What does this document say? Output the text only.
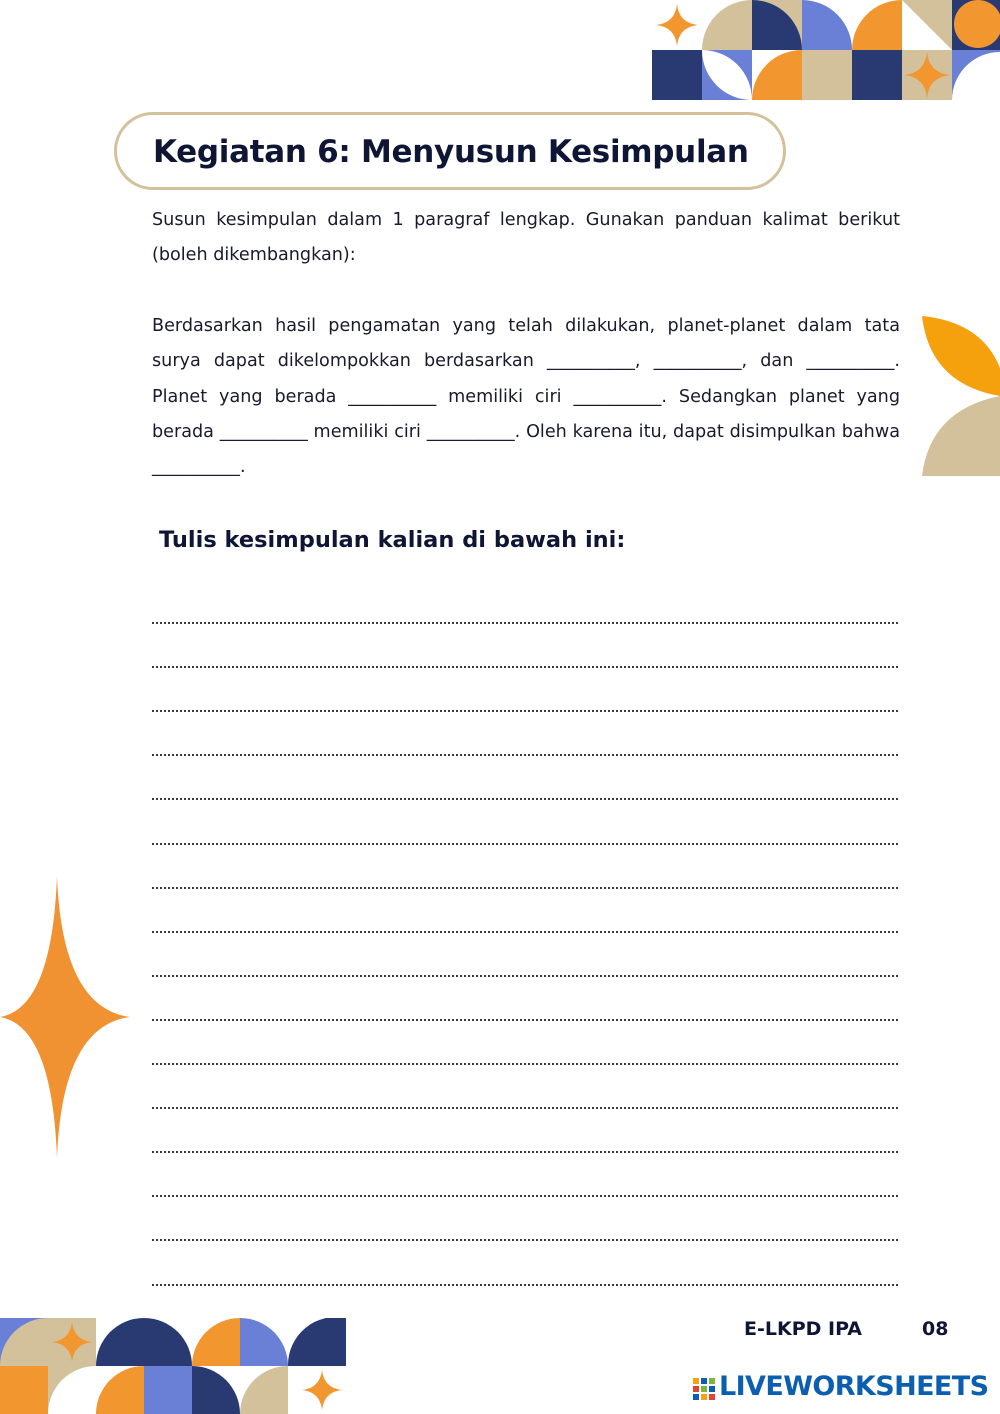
Kegiatan 6: Menyusun Kesimpulan

Susun kesimpulan dalam 1 paragraf lengkap. Gunakan panduan kalimat berikut (boleh dikembangkan):

Berdasarkan hasil pengamatan yang telah dilakukan, planet-planet dalam tata surya dapat dikelompokkan berdasarkan __________, __________, dan __________. Planet yang berada __________ memiliki ciri __________. Sedangkan planet yang berada __________ memiliki ciri __________. Oleh karena itu, dapat disimpulkan bahwa __________.

Tulis kesimpulan kalian di bawah ini:
E-LKPD IPA	08
LIVEWORKSHEETS
